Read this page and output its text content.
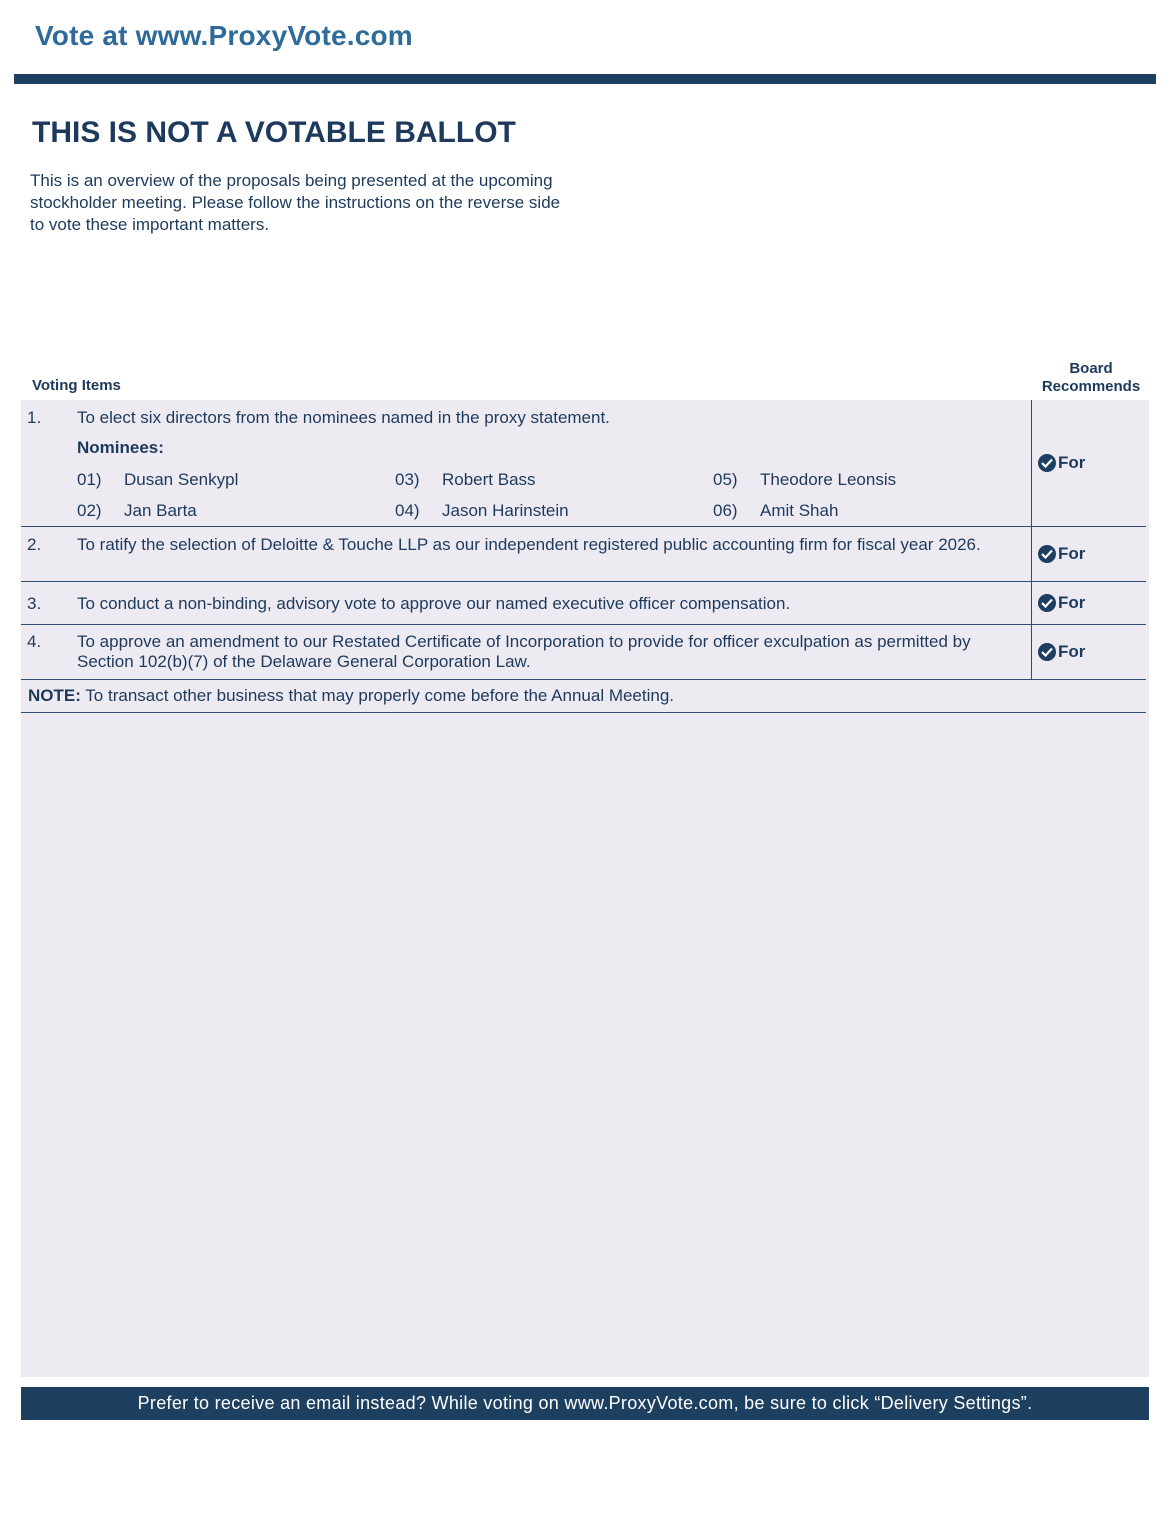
Vote at www.ProxyVote.com
THIS IS NOT A VOTABLE BALLOT
This is an overview of the proposals being presented at the upcoming stockholder meeting. Please follow the instructions on the reverse side to vote these important matters.
Voting Items
Board Recommends
1. To elect six directors from the nominees named in the proxy statement.
Nominees:
01) Dusan Senkypl
02) Jan Barta
03) Robert Bass
04) Jason Harinstein
05) Theodore Leonsis
06) Amit Shah
For
2. To ratify the selection of Deloitte & Touche LLP as our independent registered public accounting firm for fiscal year 2026.	For
3. To conduct a non-binding, advisory vote to approve our named executive officer compensation.	For
4. To approve an amendment to our Restated Certificate of Incorporation to provide for officer exculpation as permitted by Section 102(b)(7) of the Delaware General Corporation Law.
For
NOTE: To transact other business that may properly come before the Annual Meeting.
Prefer to receive an email instead? While voting on www.ProxyVote.com, be sure to click “Delivery Settings”.
